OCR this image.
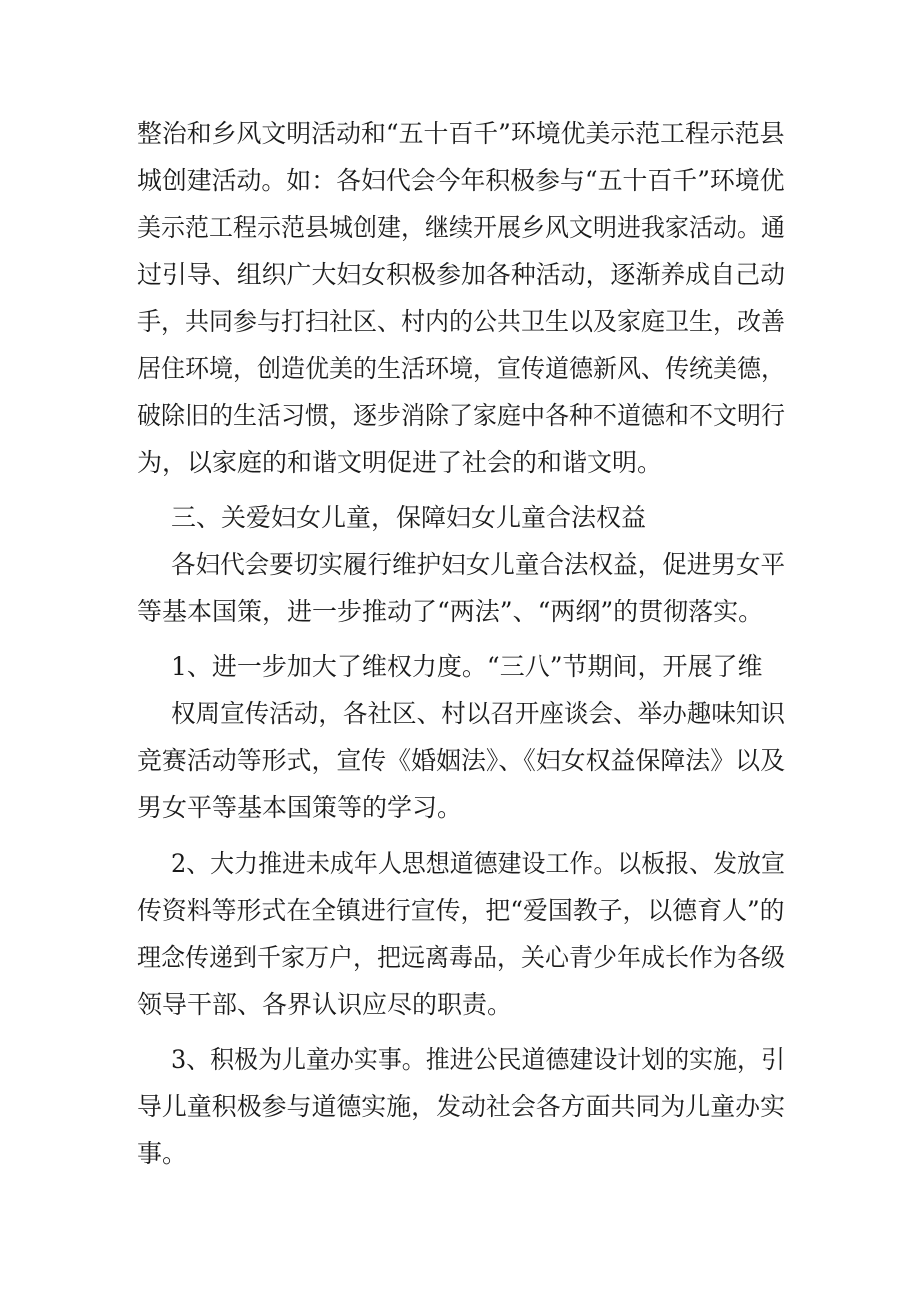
整治和乡风文明活动和“五十百千”环境优美示范工程示范县
城创建活动。如：各妇代会今年积极参与“五十百千”环境优
美示范工程示范县城创建，继续开展乡风文明进我家活动。通
过引导、组织广大妇女积极参加各种活动，逐渐养成自己动
手，共同参与打扫社区、村内的公共卫生以及家庭卫生，改善
居住环境，创造优美的生活环境，宣传道德新风、传统美德，
破除旧的生活习惯，逐步消除了家庭中各种不道德和不文明行
为，以家庭的和谐文明促进了社会的和谐文明。
三、关爱妇女儿童，保障妇女儿童合法权益
各妇代会要切实履行维护妇女儿童合法权益，促进男女平
等基本国策，进一步推动了“两法”、“两纲”的贯彻落实。
1、进一步加大了维权力度。“三八”节期间，开展了维
权周宣传活动，各社区、村以召开座谈会、举办趣味知识
竞赛活动等形式，宣传《婚姻法》、《妇女权益保障法》以及
男女平等基本国策等的学习。
2、大力推进未成年人思想道德建设工作。以板报、发放宣
传资料等形式在全镇进行宣传，把“爱国教子，以德育人”的
理念传递到千家万户，把远离毒品，关心青少年成长作为各级
领导干部、各界认识应尽的职责。
3、积极为儿童办实事。推进公民道德建设计划的实施，引
导儿童积极参与道德实施，发动社会各方面共同为儿童办实
事。
